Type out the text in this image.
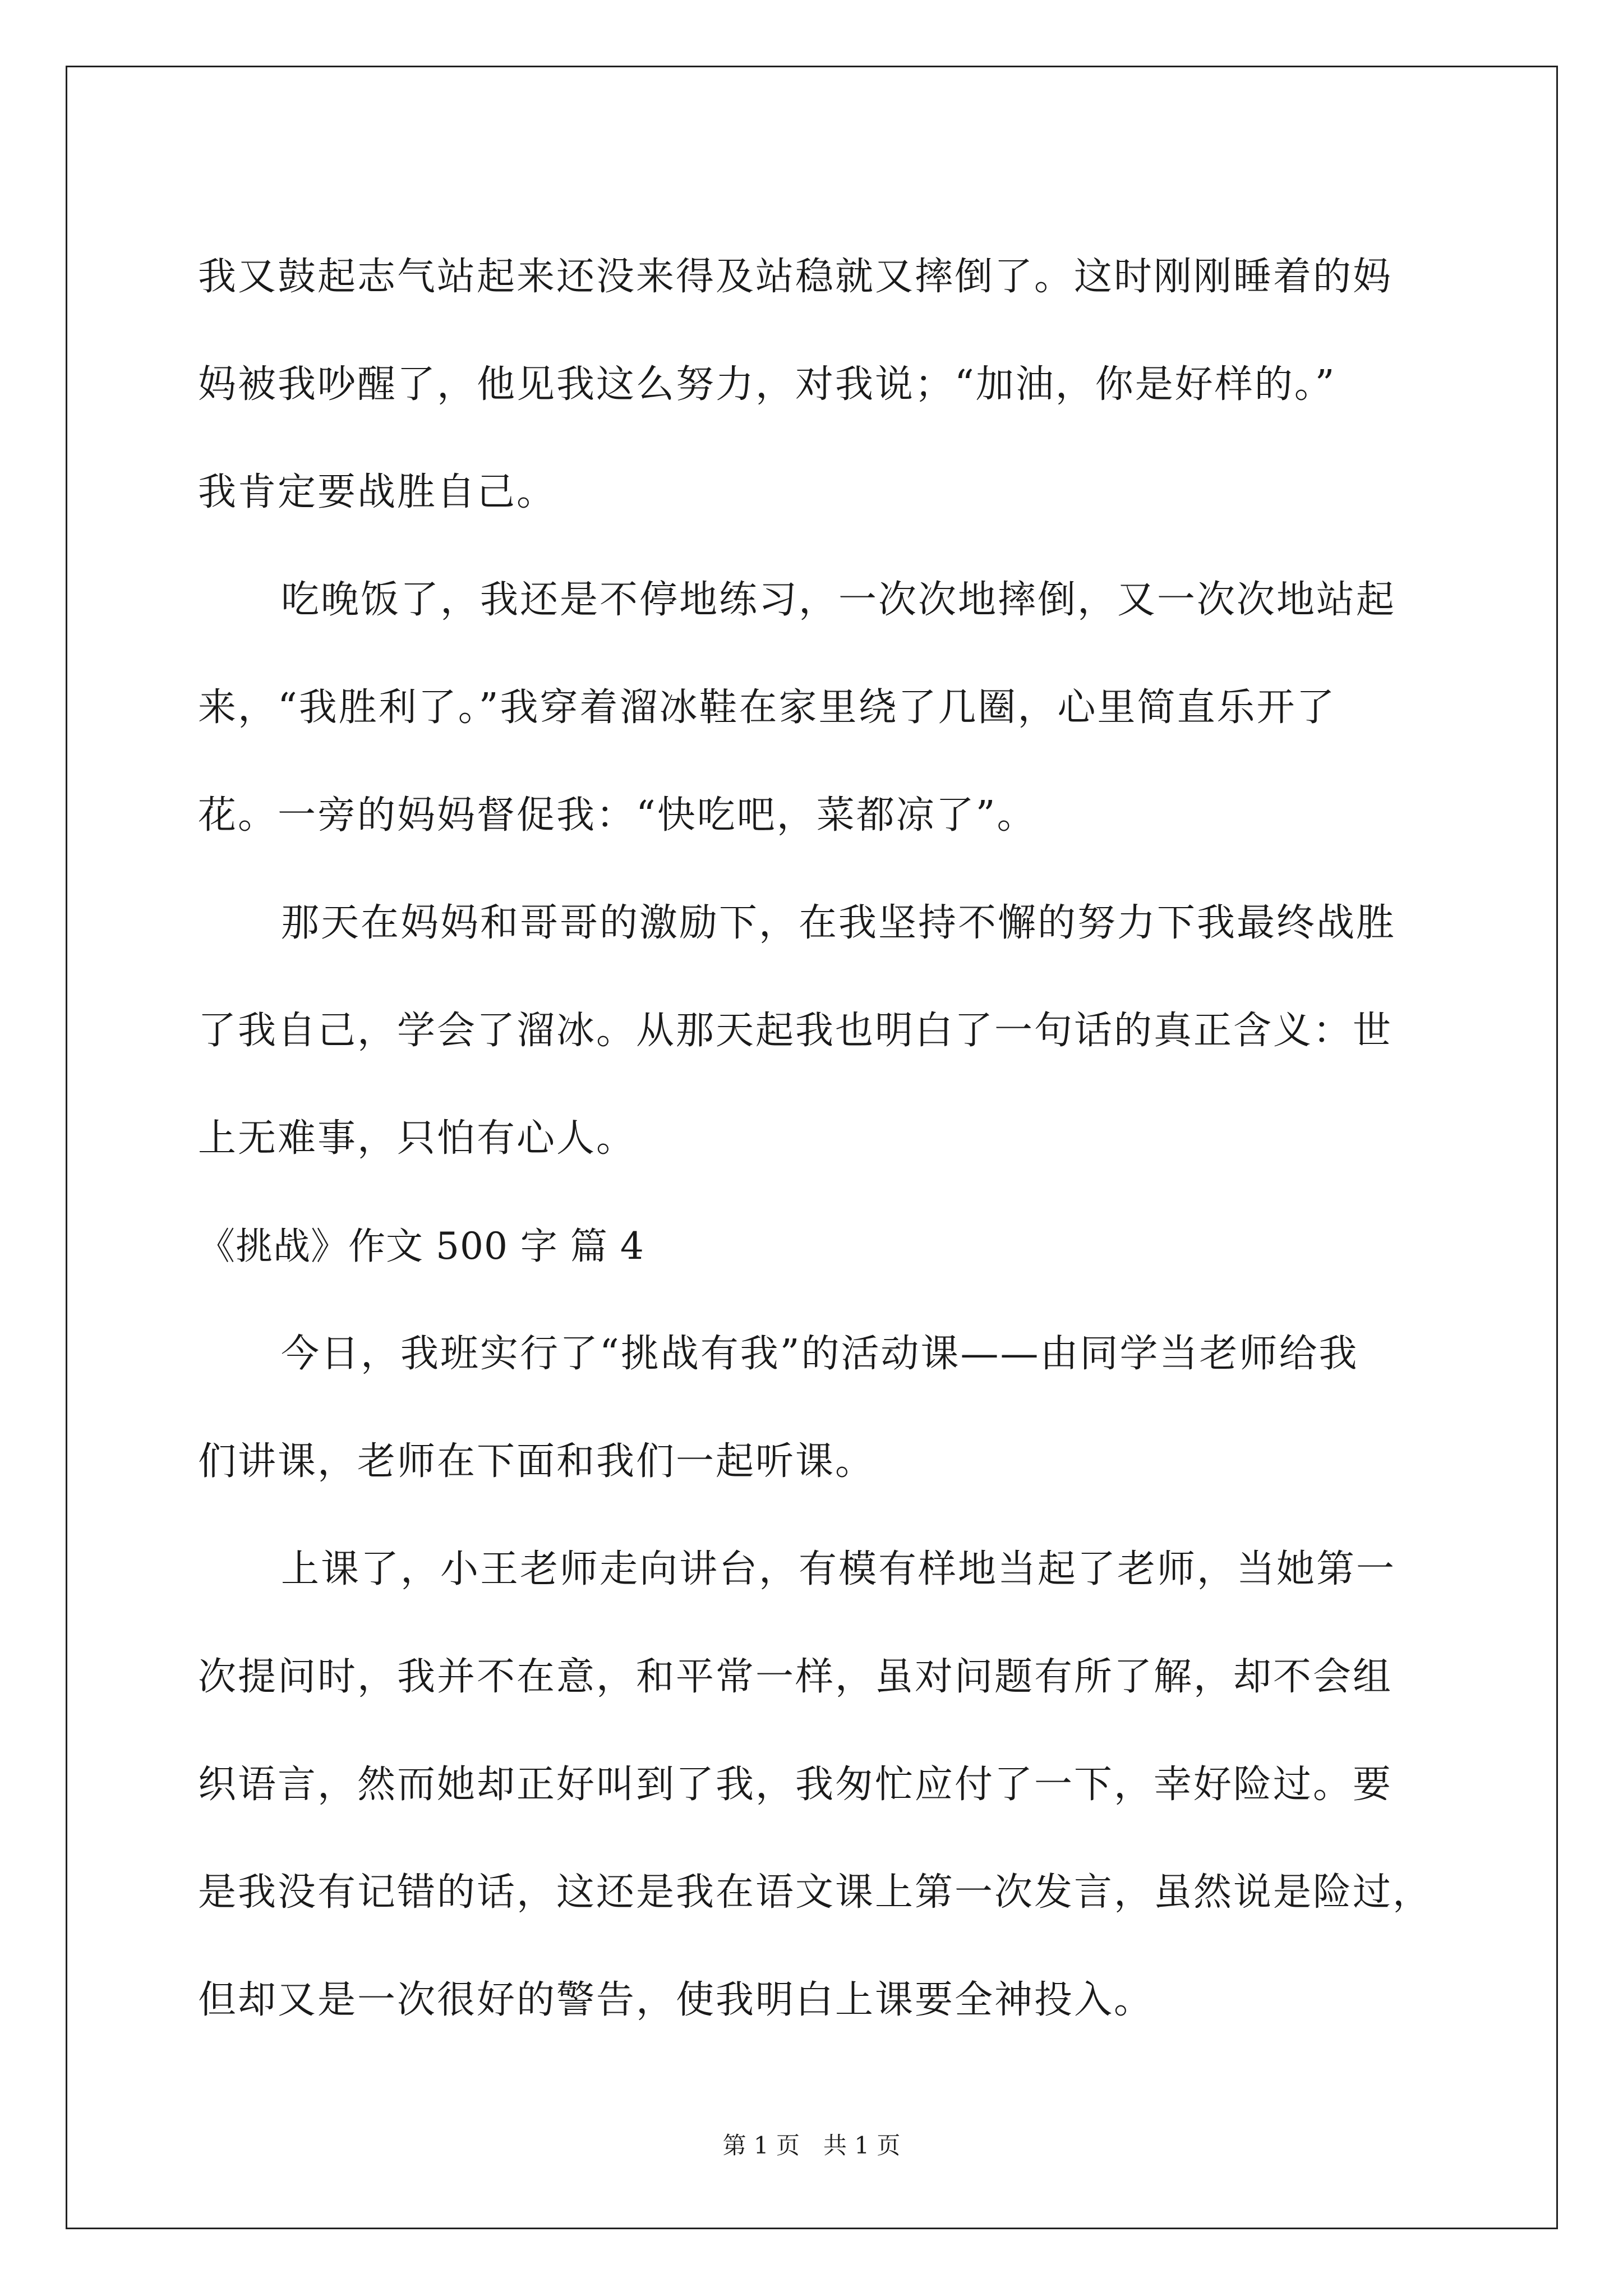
我又鼓起志气站起来还没来得及站稳就又摔倒了。这时刚刚睡着的妈
妈被我吵醒了，他见我这么努力，对我说；“加油，你是好样的。”
我肯定要战胜自己。
吃晚饭了，我还是不停地练习，一次次地摔倒，又一次次地站起
来，“我胜利了。”我穿着溜冰鞋在家里绕了几圈，心里简直乐开了
花。一旁的妈妈督促我：“快吃吧，菜都凉了”。
那天在妈妈和哥哥的激励下，在我坚持不懈的努力下我最终战胜
了我自己，学会了溜冰。从那天起我也明白了一句话的真正含义：世
上无难事，只怕有心人。
《挑战》作文 500 字 篇 4
今日，我班实行了“挑战有我”的活动课——由同学当老师给我
们讲课，老师在下面和我们一起听课。
上课了，小王老师走向讲台，有模有样地当起了老师，当她第一
次提问时，我并不在意，和平常一样，虽对问题有所了解，却不会组
织语言，然而她却正好叫到了我，我匆忙应付了一下，幸好险过。要
是我没有记错的话，这还是我在语文课上第一次发言，虽然说是险过，
但却又是一次很好的警告，使我明白上课要全神投入。
第 1 页　共 1 页
